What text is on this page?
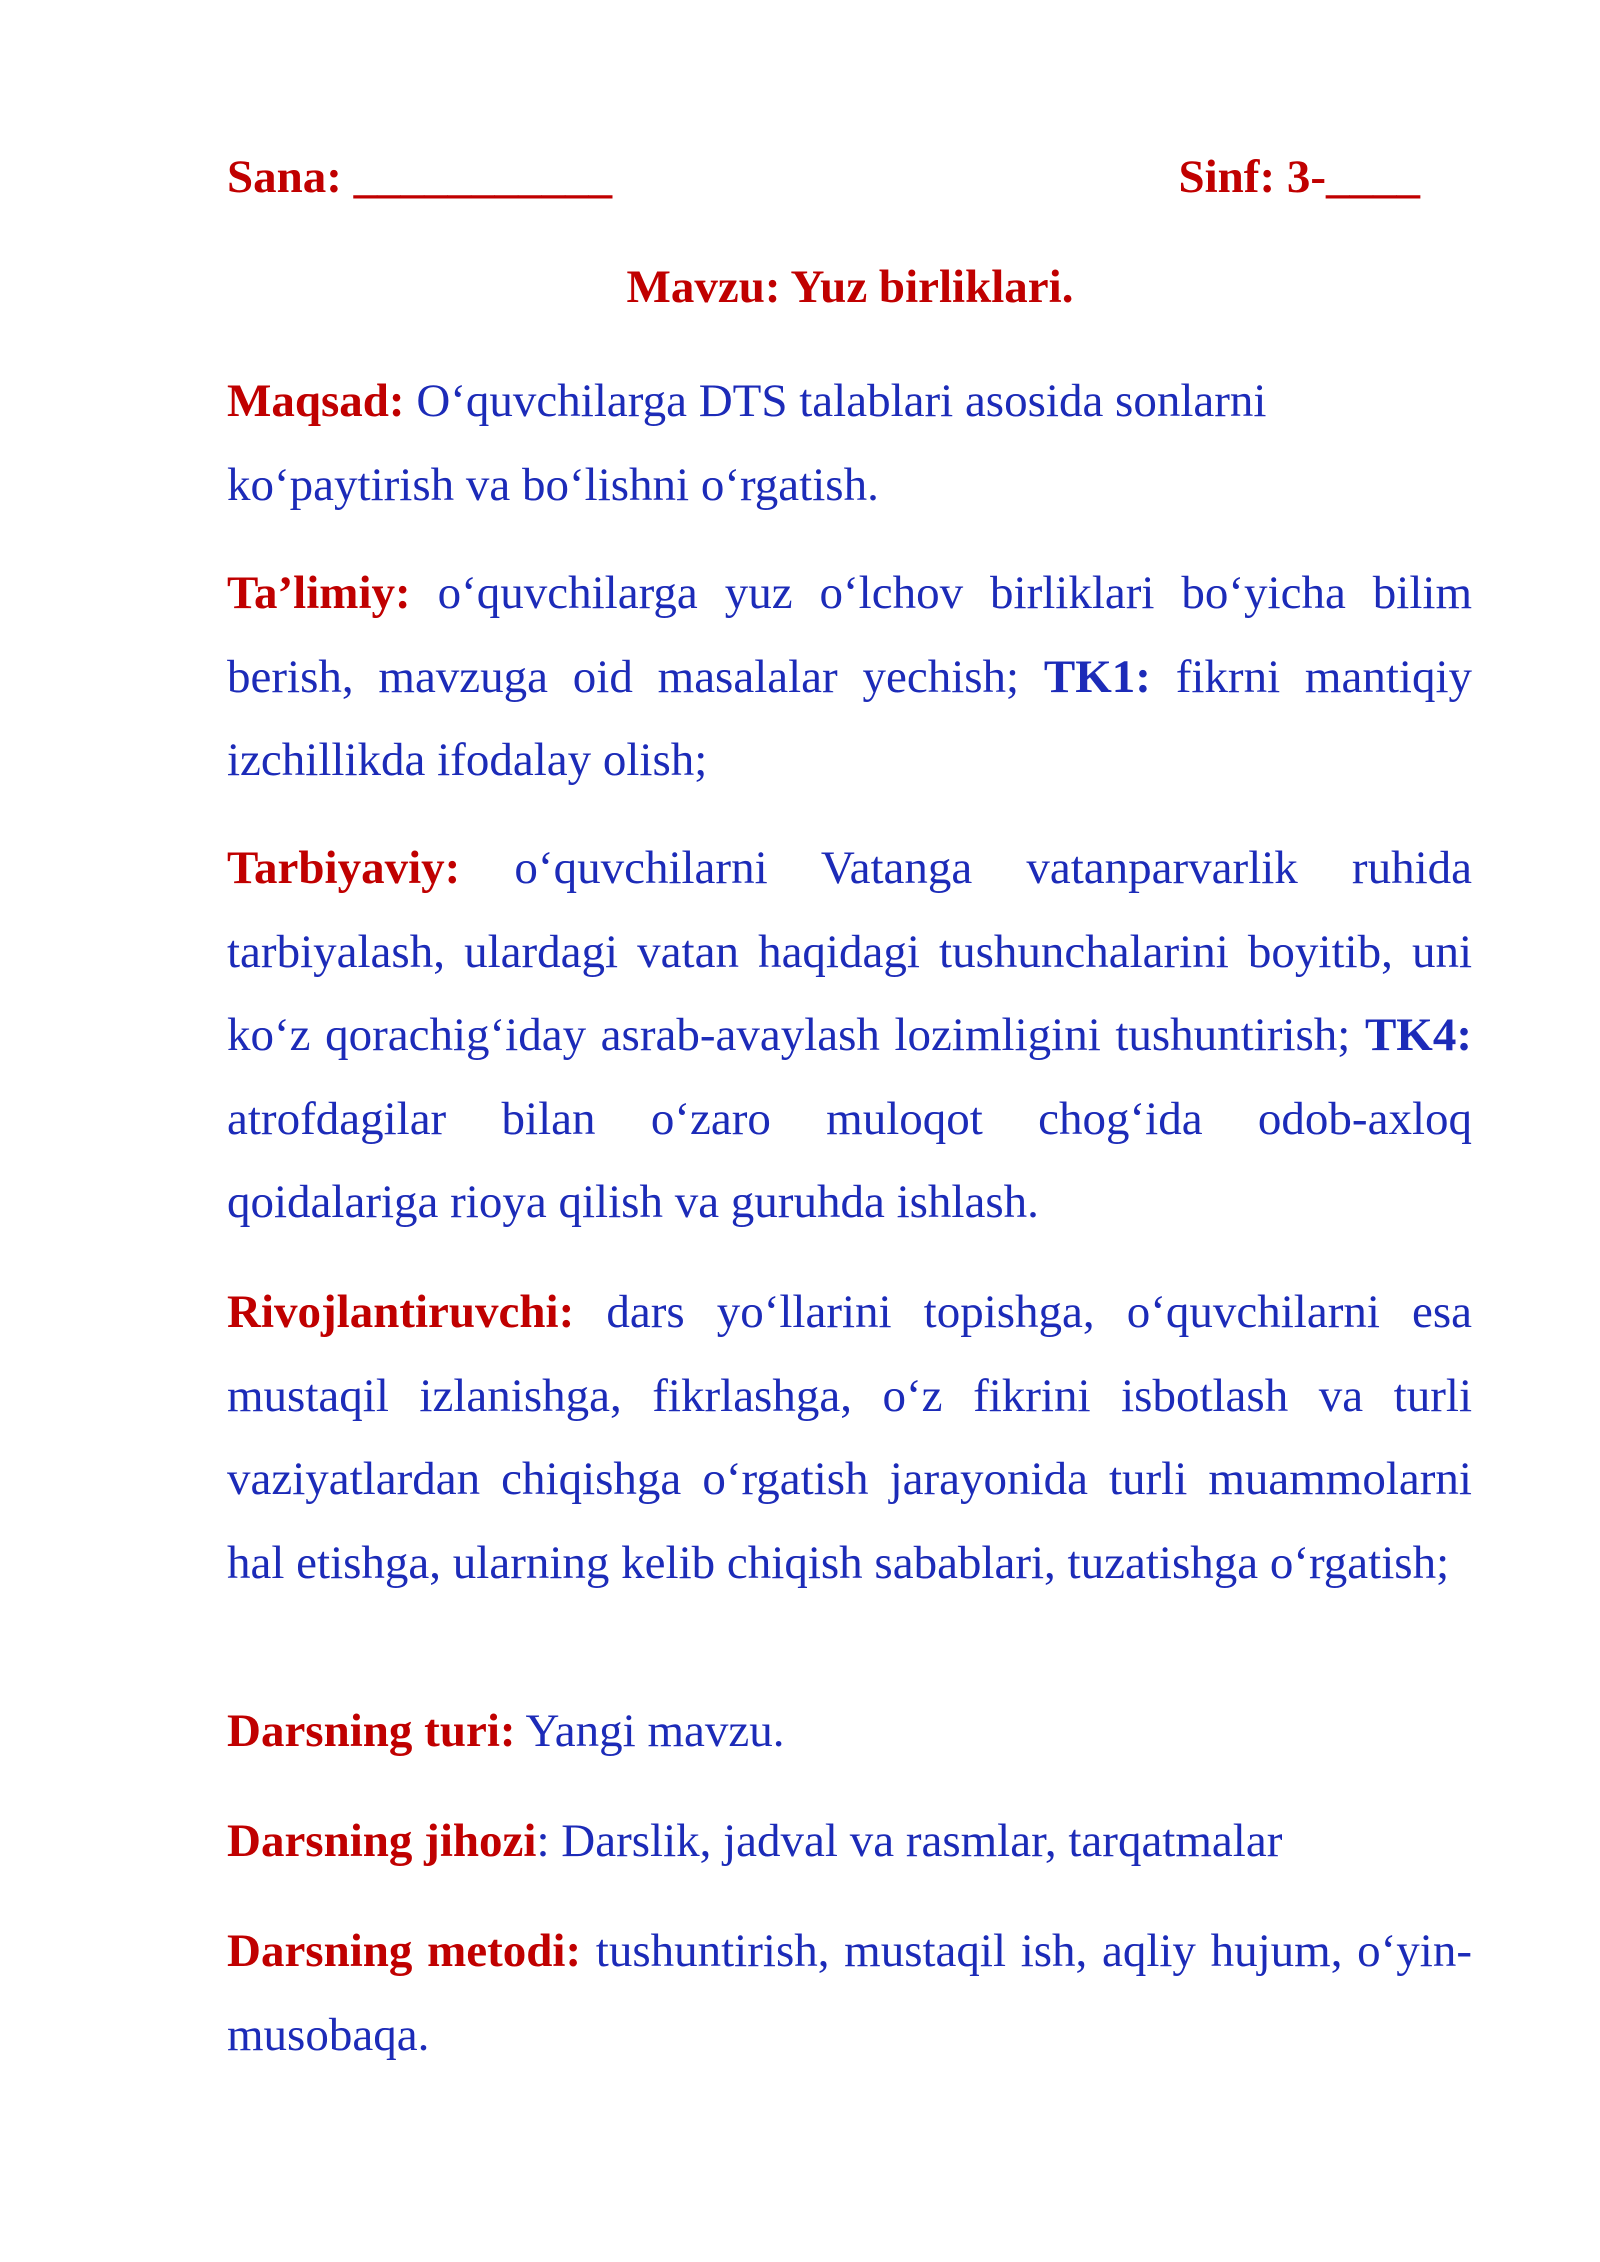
Sana: ___________	Sinf: 3-____
Mavzu: Yuz birliklari.

Maqsad: O‘quvchilarga DTS talablari asosida sonlarni ko‘paytirish va bo‘lishni o‘rgatish.

Ta’limiy: o‘quvchilarga yuz o‘lchov birliklari bo‘yicha bilim berish, mavzuga oid masalalar yechish; TK1: fikrni mantiqiy izchillikda ifodalay olish;

Tarbiyaviy: o‘quvchilarni Vatanga vatanparvarlik ruhida tarbiyalash, ulardagi vatan haqidagi tushunchalarini boyitib, uni ko‘z qorachig‘iday asrab-avaylash lozimligini tushuntirish; TK4: atrofdagilar bilan o‘zaro muloqot chog‘ida odob-axloq qoidalariga rioya qilish va guruhda ishlash.

Rivojlantiruvchi: dars yo‘llarini topishga, o‘quvchilarni esa mustaqil izlanishga, fikrlashga, o‘z fikrini isbotlash va turli vaziyatlardan chiqishga o‘rgatish jarayonida turli muammolarni hal etishga, ularning kelib chiqish sabablari, tuzatishga o‘rgatish;

Darsning turi: Yangi mavzu.

Darsning jihozi: Darslik, jadval va rasmlar, tarqatmalar

Darsning metodi: tushuntirish, mustaqil ish, aqliy hujum, o‘yin-musobaqa.
